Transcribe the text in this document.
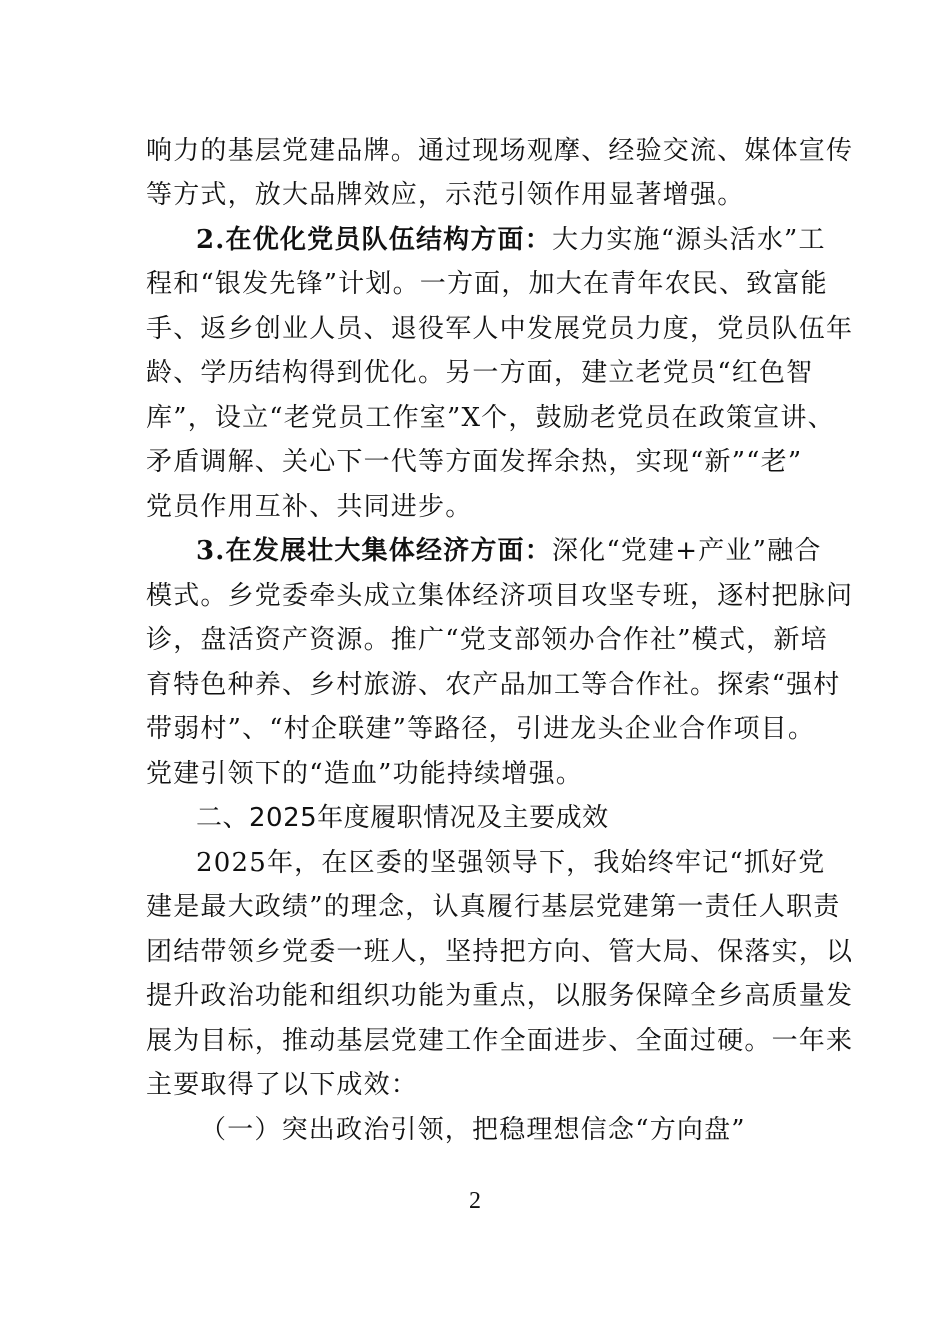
响力的基层党建品牌。通过现场观摩、经验交流、媒体宣传
等方式，放大品牌效应，示范引领作用显著增强。
2.在优化党员队伍结构方面：大力实施“源头活水”工
程和“银发先锋”计划。一方面，加大在青年农民、致富能
手、返乡创业人员、退役军人中发展党员力度，党员队伍年
龄、学历结构得到优化。另一方面，建立老党员“红色智
库”，设立“老党员工作室”X个，鼓励老党员在政策宣讲、
矛盾调解、关心下一代等方面发挥余热，实现“新”“老”
党员作用互补、共同进步。
3.在发展壮大集体经济方面：深化“党建+产业”融合
模式。乡党委牵头成立集体经济项目攻坚专班，逐村把脉问
诊，盘活资产资源。推广“党支部领办合作社”模式，新培
育特色种养、乡村旅游、农产品加工等合作社。探索“强村
带弱村”、“村企联建”等路径，引进龙头企业合作项目。
党建引领下的“造血”功能持续增强。
二、2025年度履职情况及主要成效
2025年，在区委的坚强领导下，我始终牢记“抓好党
建是最大政绩”的理念，认真履行基层党建第一责任人职责
团结带领乡党委一班人，坚持把方向、管大局、保落实，以
提升政治功能和组织功能为重点，以服务保障全乡高质量发
展为目标，推动基层党建工作全面进步、全面过硬。一年来
主要取得了以下成效：
（一）突出政治引领，把稳理想信念“方向盘”
2
